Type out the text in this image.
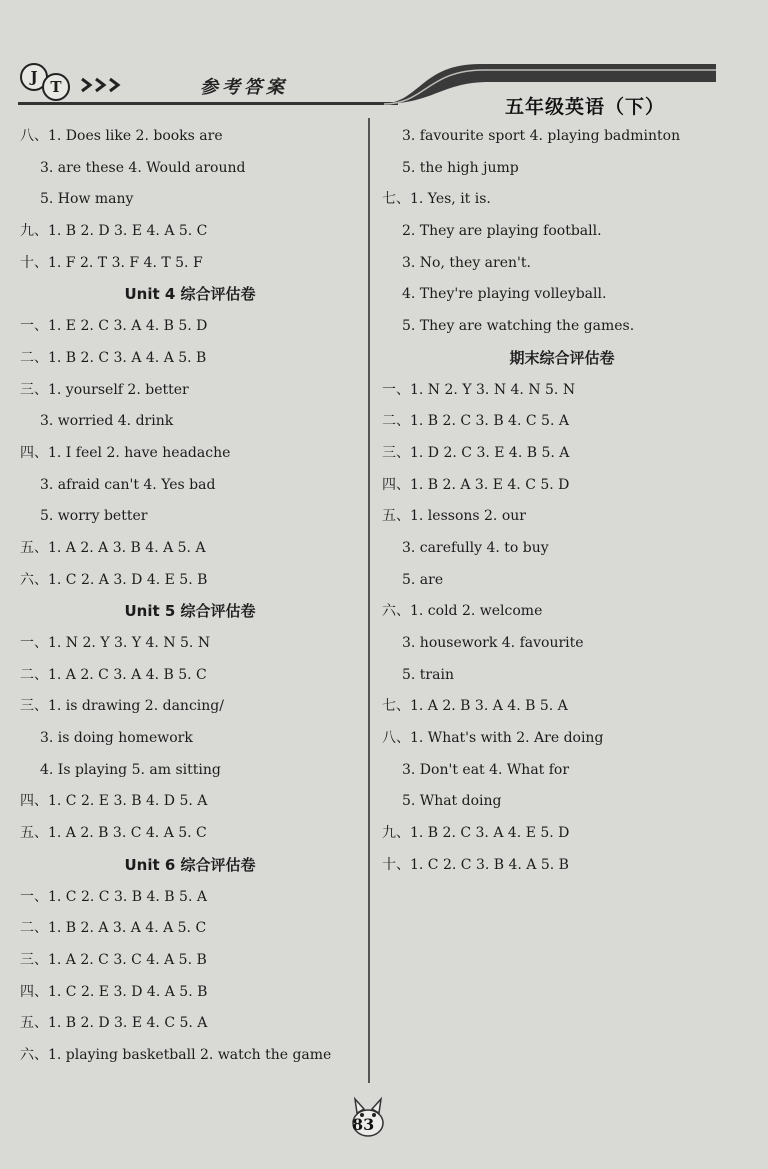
J
T	参考答案
五年级英语（下）
八、1. Does like 2. books are
3. are these 4. Would around
5. How many
九、1. B 2. D 3. E 4. A 5. C
十、1. F 2. T 3. F 4. T 5. F
Unit 4 综合评估卷
一、1. E 2. C 3. A 4. B 5. D
二、1. B 2. C 3. A 4. A 5. B
三、1. yourself 2. better
3. worried 4. drink
四、1. I feel 2. have headache
3. afraid can't 4. Yes bad
5. worry better
五、1. A 2. A 3. B 4. A 5. A
六、1. C 2. A 3. D 4. E 5. B
Unit 5 综合评估卷
一、1. N 2. Y 3. Y 4. N 5. N
二、1. A 2. C 3. A 4. B 5. C
三、1. is drawing 2. dancing/
3. is doing homework
4. Is playing 5. am sitting
四、1. C 2. E 3. B 4. D 5. A
五、1. A 2. B 3. C 4. A 5. C
Unit 6 综合评估卷
一、1. C 2. C 3. B 4. B 5. A
二、1. B 2. A 3. A 4. A 5. C
三、1. A 2. C 3. C 4. A 5. B
四、1. C 2. E 3. D 4. A 5. B
五、1. B 2. D 3. E 4. C 5. A
六、1. playing basketball 2. watch the game
3. favourite sport 4. playing badminton
5. the high jump
七、1. Yes, it is.
2. They are playing football.
3. No, they aren't.
4. They're playing volleyball.
5. They are watching the games.
期末综合评估卷
一、1. N 2. Y 3. N 4. N 5. N
二、1. B 2. C 3. B 4. C 5. A
三、1. D 2. C 3. E 4. B 5. A
四、1. B 2. A 3. E 4. C 5. D
五、1. lessons 2. our
3. carefully 4. to buy
5. are
六、1. cold 2. welcome
3. housework 4. favourite
5. train
七、1. A 2. B 3. A 4. B 5. A
八、1. What's with 2. Are doing
3. Don't eat 4. What for
5. What doing
九、1. B 2. C 3. A 4. E 5. D
十、1. C 2. C 3. B 4. A 5. B
83
